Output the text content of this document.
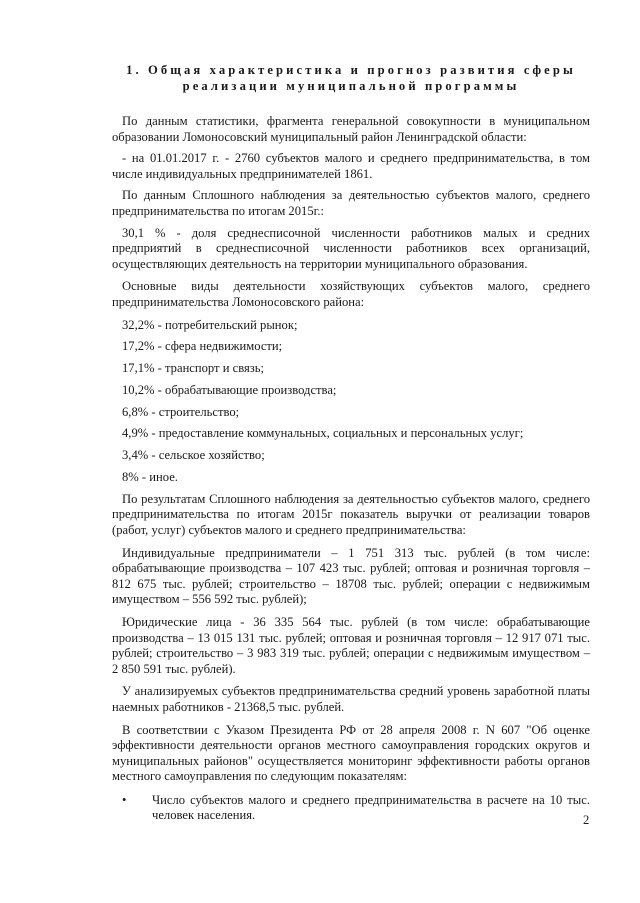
1. Общая характеристика и прогноз развития сферы
реализации муниципальной программы

По данным статистики, фрагмента генеральной совокупности в муниципальном образовании Ломоносовский муниципальный район Ленинградской области:

- на 01.01.2017 г. - 2760 субъектов малого и среднего предпринимательства, в том числе индивидуальных предпринимателей 1861.

По данным Сплошного наблюдения за деятельностью субъектов малого, среднего предпринимательства по итогам 2015г.:

30,1 % - доля среднесписочной численности работников малых и средних предприятий в среднесписочной численности работников всех организаций, осуществляющих деятельность на территории муниципального образования.

Основные виды деятельности хозяйствующих субъектов малого, среднего предпринимательства Ломоносовского района:

32,2% - потребительский рынок;

17,2% - сфера недвижимости;

17,1% - транспорт и связь;

10,2% - обрабатывающие производства;

6,8% - строительство;

4,9% - предоставление коммунальных, социальных и персональных услуг;

3,4% - сельское хозяйство;

8% - иное.

По результатам Сплошного наблюдения за деятельностью субъектов малого, среднего предпринимательства по итогам 2015г показатель выручки от реализации товаров (работ, услуг) субъектов малого и среднего предпринимательства:

Индивидуальные предприниматели – 1 751 313 тыс. рублей (в том числе: обрабатывающие производства – 107 423 тыс. рублей; оптовая и розничная торговля – 812 675 тыс. рублей; строительство – 18708 тыс. рублей; операции с недвижимым имуществом – 556 592 тыс. рублей);

Юридические лица - 36 335 564 тыс. рублей (в том числе: обрабатывающие производства – 13 015 131 тыс. рублей; оптовая и розничная торговля – 12 917 071 тыс. рублей; строительство – 3 983 319 тыс. рублей; операции с недвижимым имуществом – 2 850 591 тыс. рублей).

У анализируемых субъектов предпринимательства средний уровень заработной платы наемных работников - 21368,5 тыс. рублей.

В соответствии с Указом Президента РФ от 28 апреля 2008 г. N 607 "Об оценке эффективности деятельности органов местного самоуправления городских округов и муниципальных районов" осуществляется мониторинг эффективности работы органов местного самоуправления по следующим показателям:

•	Число субъектов малого и среднего предпринимательства в расчете на 10 тыс. человек населения.	2
